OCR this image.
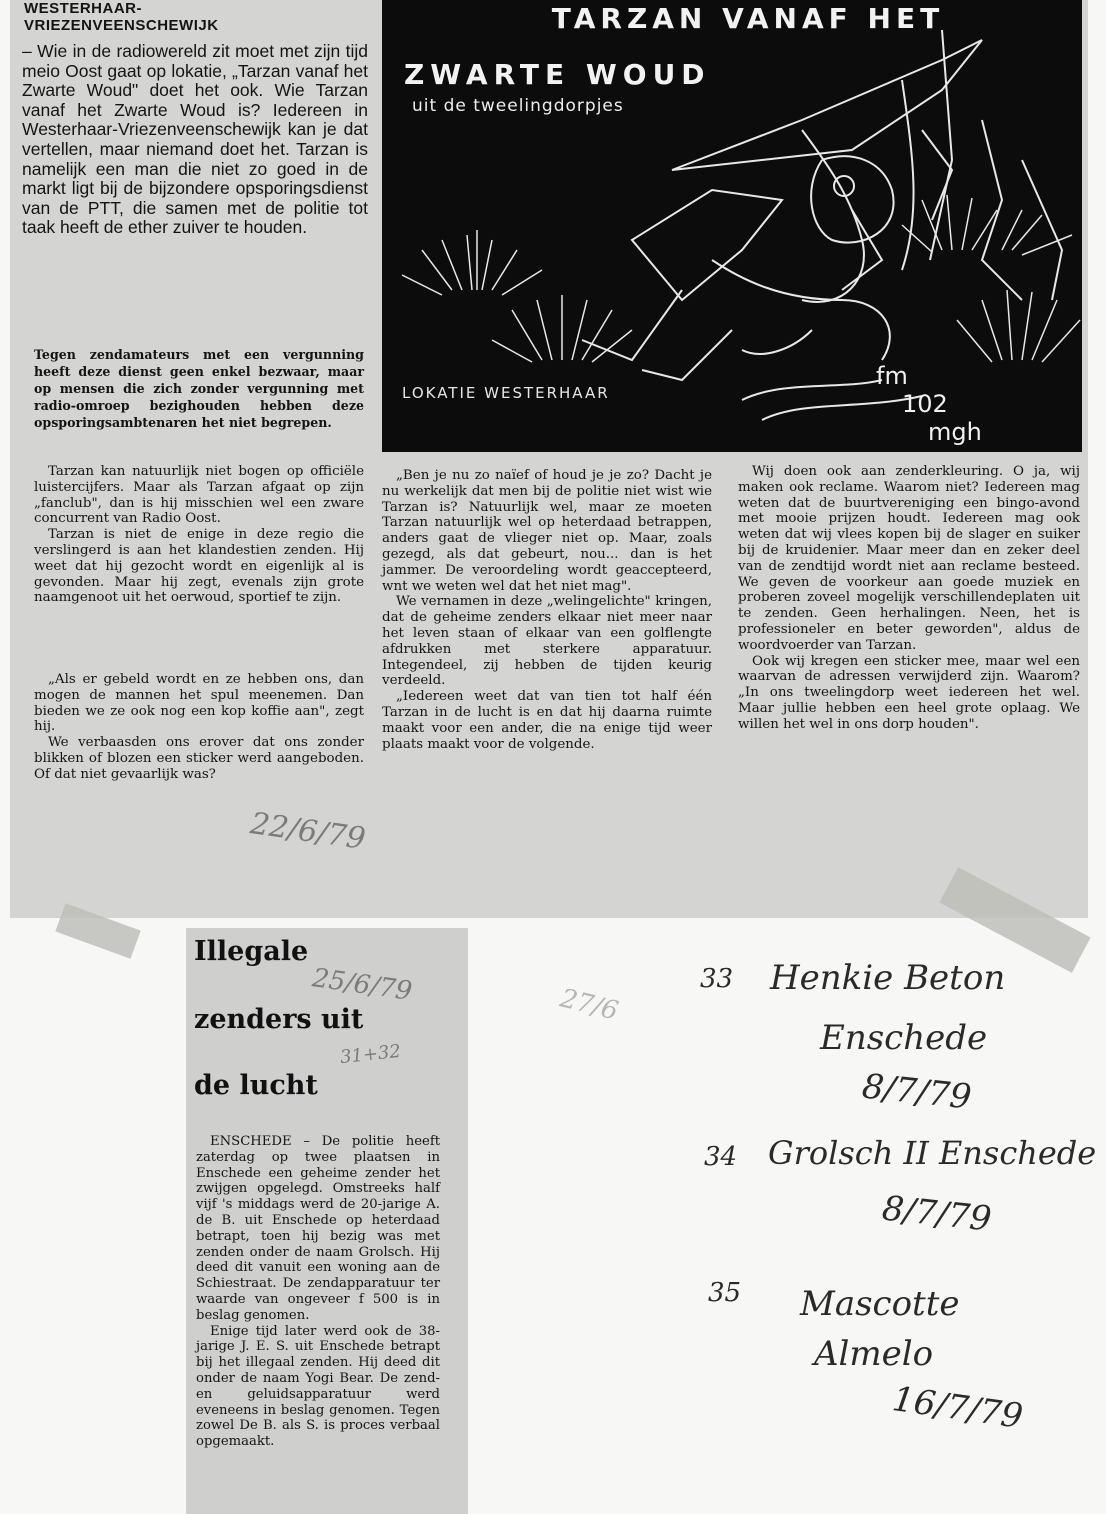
WESTERHAAR-
VRIEZENVEENSCHEWIJK
– Wie in de radiowereld zit moet met zijn tijd meio Oost gaat op lokatie, „Tarzan vanaf het Zwarte Woud" doet het ook. Wie Tarzan vanaf het Zwarte Woud is? Iedereen in Westerhaar-Vriezenveenschewijk kan je dat vertellen, maar niemand doet het. Tarzan is namelijk een man die niet zo goed in de markt ligt bij de bijzondere opsporingsdienst van de PTT, die samen met de politie tot taak heeft de ether zuiver te houden.
Tegen zendamateurs met een vergunning heeft deze dienst geen enkel bezwaar, maar op mensen die zich zonder vergunning met radio-omroep bezighouden hebben deze opsporingsambtenaren het niet begrepen.

Tarzan kan natuurlijk niet bogen op officiële luistercijfers. Maar als Tarzan afgaat op zijn „fanclub", dan is hij misschien wel een zware concurrent van Radio Oost.

Tarzan is niet de enige in deze regio die verslingerd is aan het klandestien zenden. Hij weet dat hij gezocht wordt en eigenlijk al is gevonden. Maar hij zegt, evenals zijn grote naamgenoot uit het oerwoud, sportief te zijn.

„Als er gebeld wordt en ze hebben ons, dan mogen de mannen het spul meenemen. Dan bieden we ze ook nog een kop koffie aan", zegt hij.

We verbaasden ons erover dat ons zonder blikken of blozen een sticker werd aangeboden. Of dat niet gevaarlijk was?

„Ben je nu zo naïef of houd je je zo? Dacht je nu werkelijk dat men bij de politie niet wist wie Tarzan is? Natuurlijk wel, maar ze moeten Tarzan natuurlijk wel op heterdaad betrappen, anders gaat de vlieger niet op. Maar, zoals gezegd, als dat gebeurt, nou... dan is het jammer. De veroordeling wordt geaccepteerd, wnt we weten wel dat het niet mag".

We vernamen in deze „welingelichte" kringen, dat de geheime zenders elkaar niet meer naar het leven staan of elkaar van een golflengte afdrukken met sterkere apparatuur. Integendeel, zij hebben de tijden keurig verdeeld.

„Iedereen weet dat van tien tot half één Tarzan in de lucht is en dat hij daarna ruimte maakt voor een ander, die na enige tijd weer plaats maakt voor de volgende.

Wij doen ook aan zenderkleuring. O ja, wij maken ook reclame. Waarom niet? Iedereen mag weten dat de buurtvereniging een bingo-avond met mooie prijzen houdt. Iedereen mag ook weten dat wij vlees kopen bij de slager en suiker bij de kruidenier. Maar meer dan en zeker deel van de zendtijd wordt niet aan reclame besteed. We geven de voorkeur aan goede muziek en proberen zoveel mogelijk verschillendeplaten uit te zenden. Geen herhalingen. Neen, het is professioneler en beter geworden", aldus de woordvoerder van Tarzan.

Ook wij kregen een sticker mee, maar wel een waarvan de adressen verwijderd zijn. Waarom? „In ons tweelingdorp weet iedereen het wel. Maar jullie hebben een heel grote oplaag. We willen het wel in ons dorp houden".

TARZAN VANAF HET
ZWARTE WOUD
uit de tweelingdorpjes
LOKATIE WESTERHAAR
fm
102
mgh
22/6/79
Illegale
zenders uit
de lucht
25/6/79
31+32

ENSCHEDE – De politie heeft zaterdag op twee plaatsen in Enschede een geheime zender het zwijgen opgelegd. Omstreeks half vijf 's middags werd de 20-jarige A. de B. uit Enschede op heterdaad betrapt, toen hij bezig was met zenden onder de naam Grolsch. Hij deed dit vanuit een woning aan de Schiestraat. De zendapparatuur ter waarde van ongeveer f 500 is in beslag genomen.

Enige tijd later werd ook de 38-jarige J. E. S. uit Enschede betrapt bij het illegaal zenden. Hij deed dit onder de naam Yogi Bear. De zend- en geluidsapparatuur werd eveneens in beslag genomen. Tegen zowel De B. als S. is proces verbaal opgemaakt.

27/6
33 Henkie Beton
Enschede
8/7/79
34 Grolsch II Enschede
8/7/79
35 Mascotte
Almelo
16/7/79
